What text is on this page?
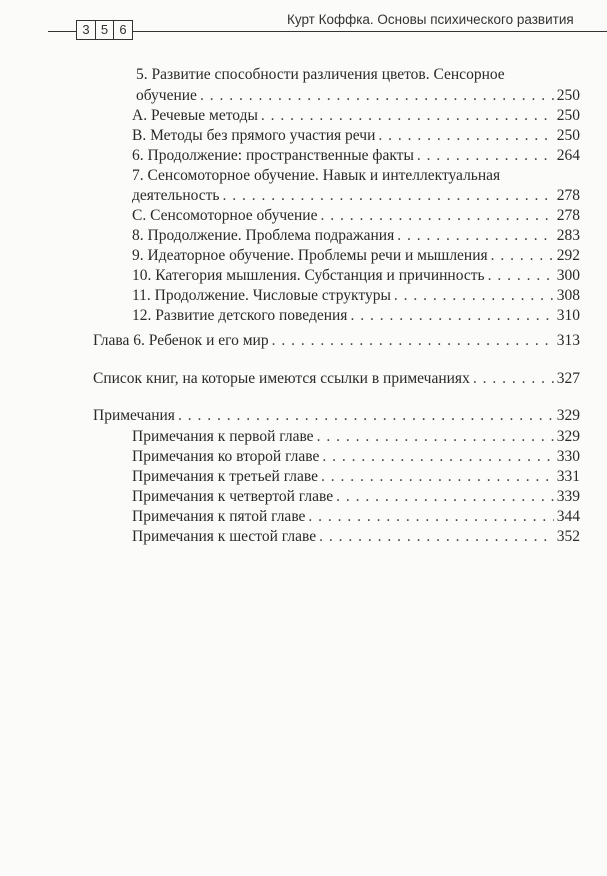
3 5 6
Курт Коффка. Основы психического развития
5. Развитие способности различения цветов. Сенсорное
обучение . . .	250
А. Речевые методы . . .	250
В. Методы без прямого участия речи . . .	250
6. Продолжение: пространственные факты . . .	264
7. Сенсомоторное обучение. Навык и интеллектуальная
деятельность . . .	278
С. Сенсомоторное обучение . . .	278
8. Продолжение. Проблема подражания . . .	283
9. Идеаторное обучение. Проблемы речи и мышления . . .	292
10. Категория мышления. Субстанция и причинность . . .	300
11. Продолжение. Числовые структуры . . .	308
12. Развитие детского поведения . . .	310
Глава 6. Ребенок и его мир . . .	313
Список книг, на которые имеются ссылки в примечаниях . . .	327
Примечания . . .	329
Примечания к первой главе . . .	329
Примечания ко второй главе . . .	330
Примечания к третьей главе . . .	331
Примечания к четвертой главе . . .	339
Примечания к пятой главе . . .	344
Примечания к шестой главе . . .	352
